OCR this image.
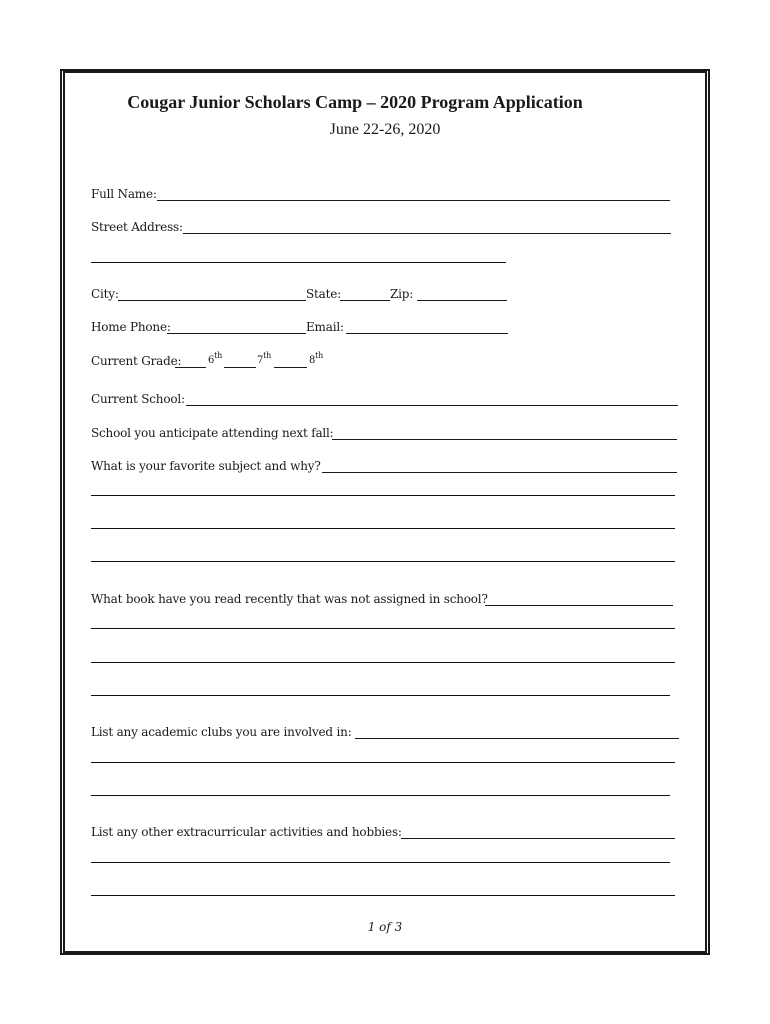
Cougar Junior Scholars Camp – 2020 Program Application
June 22-26, 2020
Full Name:
Street Address:
City:	State:	Zip:
Home Phone:	Email:
Current Grade:	6th	7th	8th
Current School:
School you anticipate attending next fall:
What is your favorite subject and why?
What book have you read recently that was not assigned in school?
List any academic clubs you are involved in:
List any other extracurricular activities and hobbies:
1 of 3
